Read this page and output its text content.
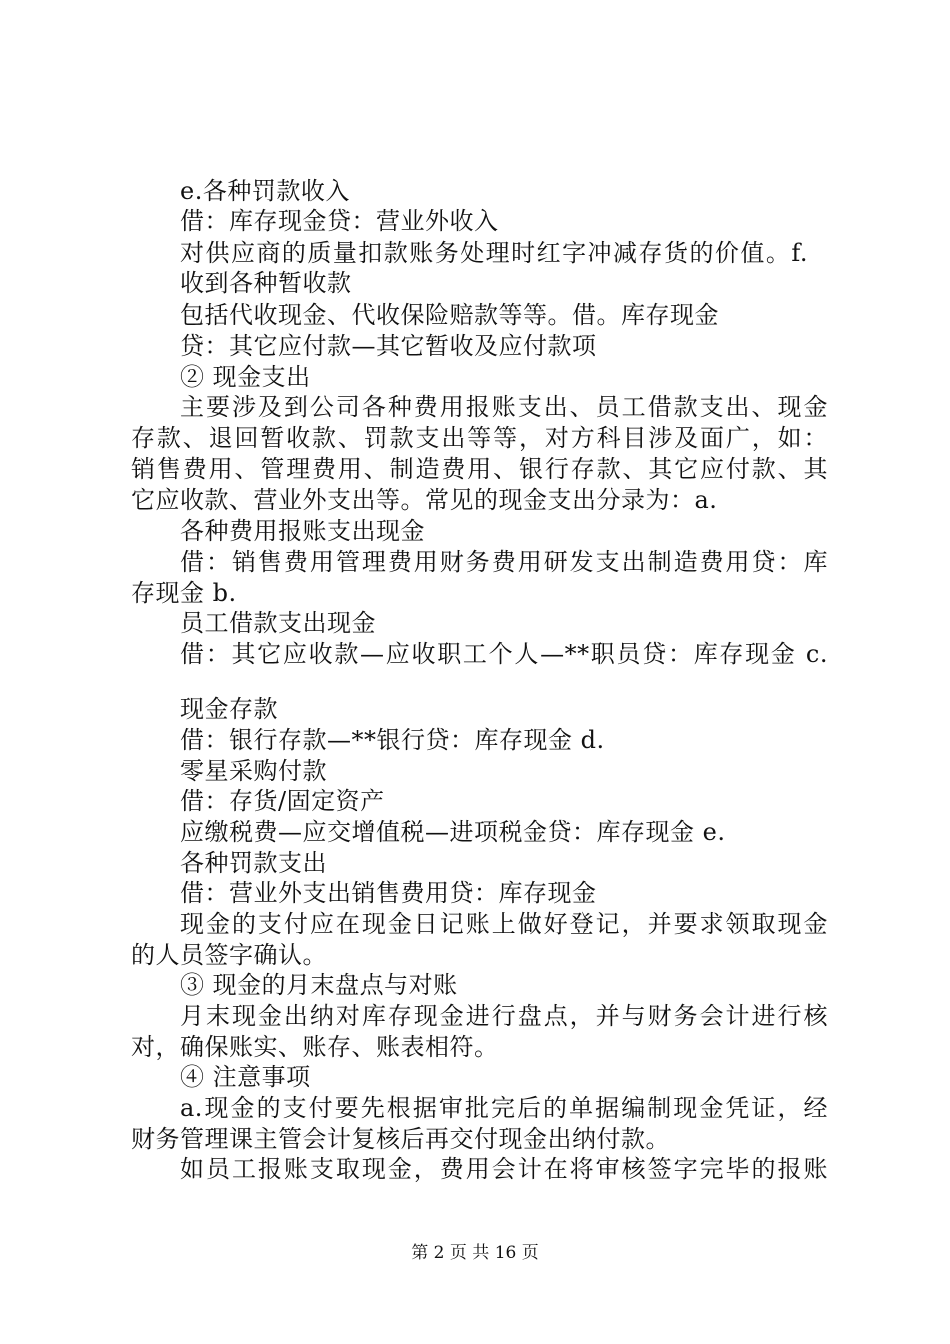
e.各种罚款收入
借：库存现金贷：营业外收入
对供应商的质量扣款账务处理时红字冲减存货的价值。f.
收到各种暂收款
包括代收现金、代收保险赔款等等。借。库存现金
贷：其它应付款—其它暂收及应付款项
② 现金支出
主要涉及到公司各种费用报账支出、员工借款支出、现金
存款、退回暂收款、罚款支出等等，对方科目涉及面广，如：
销售费用、管理费用、制造费用、银行存款、其它应付款、其
它应收款、营业外支出等。常见的现金支出分录为：a.
各种费用报账支出现金
借：销售费用管理费用财务费用研发支出制造费用贷：库
存现金 b.
员工借款支出现金
借：其它应收款—应收职工个人—**职员贷：库存现金 c.
现金存款
借：银行存款—**银行贷：库存现金 d.
零星采购付款
借：存货/固定资产
应缴税费—应交增值税—进项税金贷：库存现金 e.
各种罚款支出
借：营业外支出销售费用贷：库存现金
现金的支付应在现金日记账上做好登记，并要求领取现金
的人员签字确认。
③ 现金的月末盘点与对账
月末现金出纳对库存现金进行盘点，并与财务会计进行核
对，确保账实、账存、账表相符。
④ 注意事项
a.现金的支付要先根据审批完后的单据编制现金凭证，经
财务管理课主管会计复核后再交付现金出纳付款。
如员工报账支取现金，费用会计在将审核签字完毕的报账
第 2 页 共 16 页
